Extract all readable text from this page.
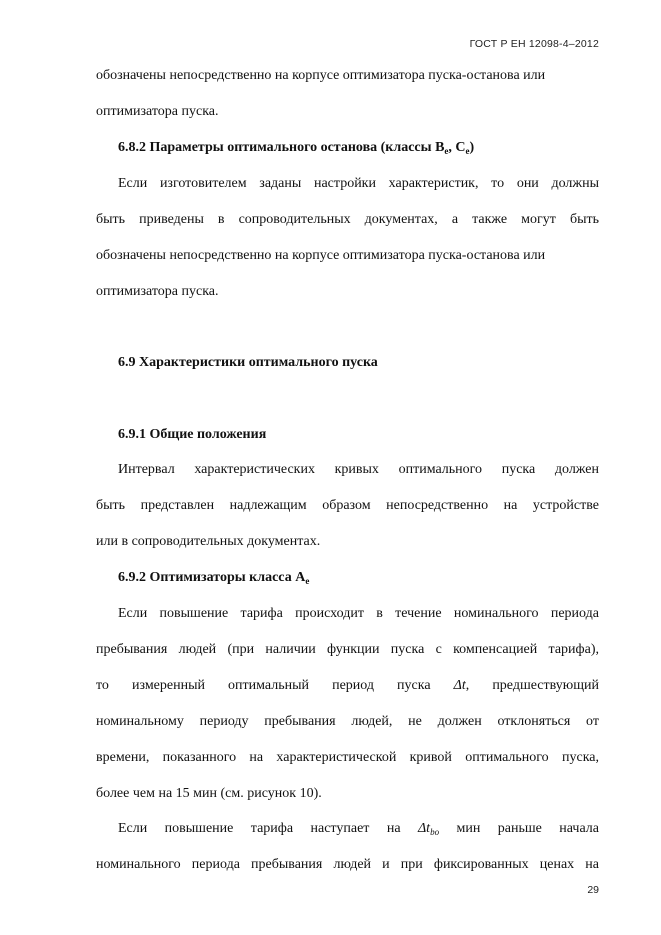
ГОСТ Р ЕН 12098-4–2012
обозначены непосредственно на корпусе оптимизатора пуска-останова или
оптимизатора пуска.
6.8.2 Параметры оптимального останова (классы $B_e$, $C_e$)
Если изготовителем заданы настройки характеристик, то они должны
быть приведены в сопроводительных документах, а также могут быть
обозначены непосредственно на корпусе оптимизатора пуска-останова или
оптимизатора пуска.
6.9 Характеристики оптимального пуска
6.9.1 Общие положения
Интервал характеристических кривых оптимального пуска должен
быть представлен надлежащим образом непосредственно на устройстве
или в сопроводительных документах.
6.9.2 Оптимизаторы класса $A_e$
Если повышение тарифа происходит в течение номинального периода
пребывания людей (при наличии функции пуска с компенсацией тарифа),
то измеренный оптимальный период пуска Δt, предшествующий
номинальному периоду пребывания людей, не должен отклоняться от
времени, показанного на характеристической кривой оптимального пуска,
более чем на 15 мин (см. рисунок 10).
Если повышение тарифа наступает на $\Delta t_{bo}$ мин раньше начала
номинального периода пребывания людей и при фиксированных ценах на
29
